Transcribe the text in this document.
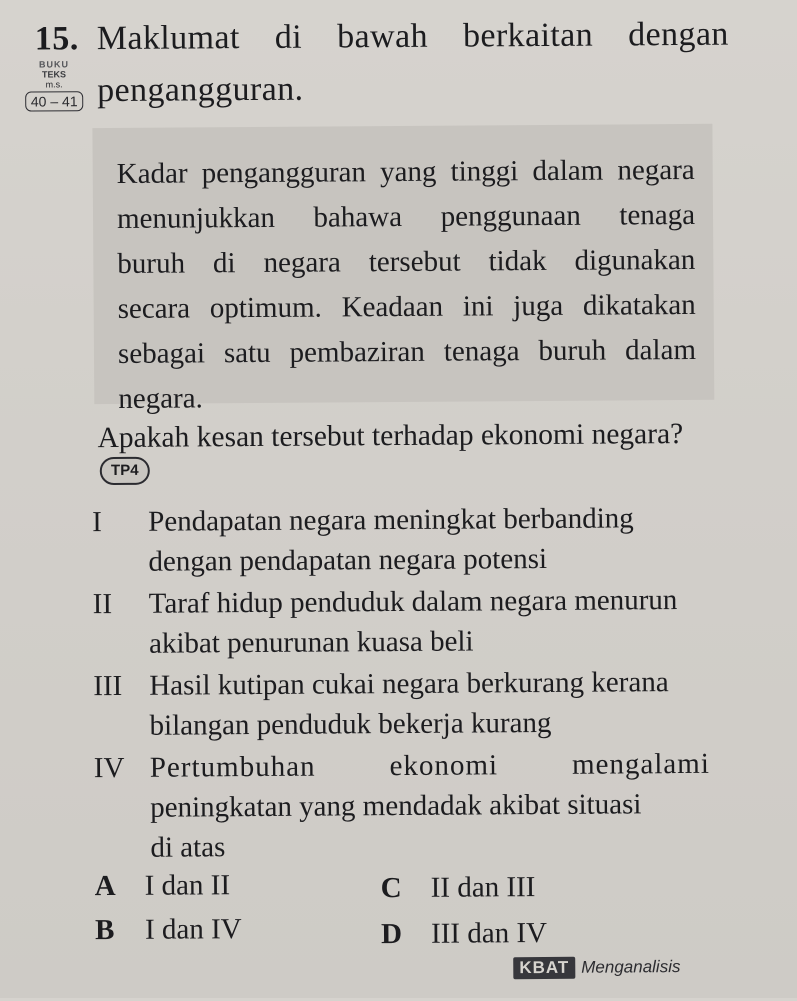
15. Maklumat di bawah berkaitan dengan
pengangguran.
BUKU
TEKS
m.s.
40 – 41
Kadar pengangguran yang tinggi dalam negara
menunjukkan bahawa penggunaan tenaga
buruh di negara tersebut tidak digunakan
secara optimum. Keadaan ini juga dikatakan
sebagai satu pembaziran tenaga buruh dalam
negara.
Apakah kesan tersebut terhadap ekonomi negara?
TP4
I Pendapatan negara meningkat berbanding
dengan pendapatan negara potensi
II Taraf hidup penduduk dalam negara menurun
akibat penurunan kuasa beli
III Hasil kutipan cukai negara berkurang kerana
bilangan penduduk bekerja kurang
IV Pertumbuhan ekonomi mengalami
peningkatan yang mendadak akibat situasi
di atas
A I dan II	C II dan III
B I dan IV	D III dan IV
KBAT Menganalisis
